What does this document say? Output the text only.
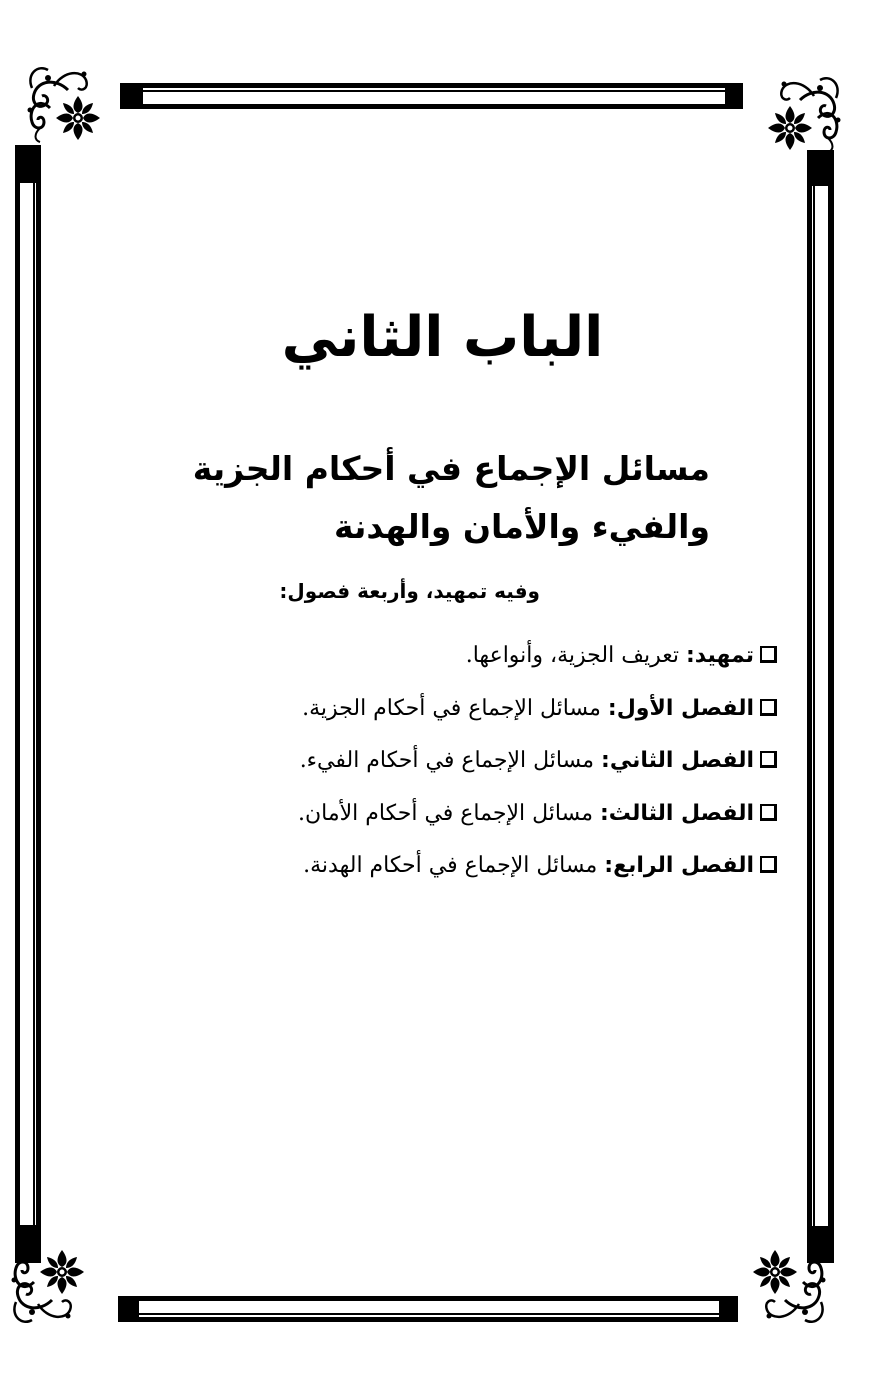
الباب الثاني
مسائل الإجماع في أحكام الجزية والفيء والأمان والهدنة

وفيه تمهيد، وأربعة فصول:

تمهيد: تعريف الجزية، وأنواعها.
الفصل الأول: مسائل الإجماع في أحكام الجزية.
الفصل الثاني: مسائل الإجماع في أحكام الفيء.
الفصل الثالث: مسائل الإجماع في أحكام الأمان.
الفصل الرابع: مسائل الإجماع في أحكام الهدنة.
